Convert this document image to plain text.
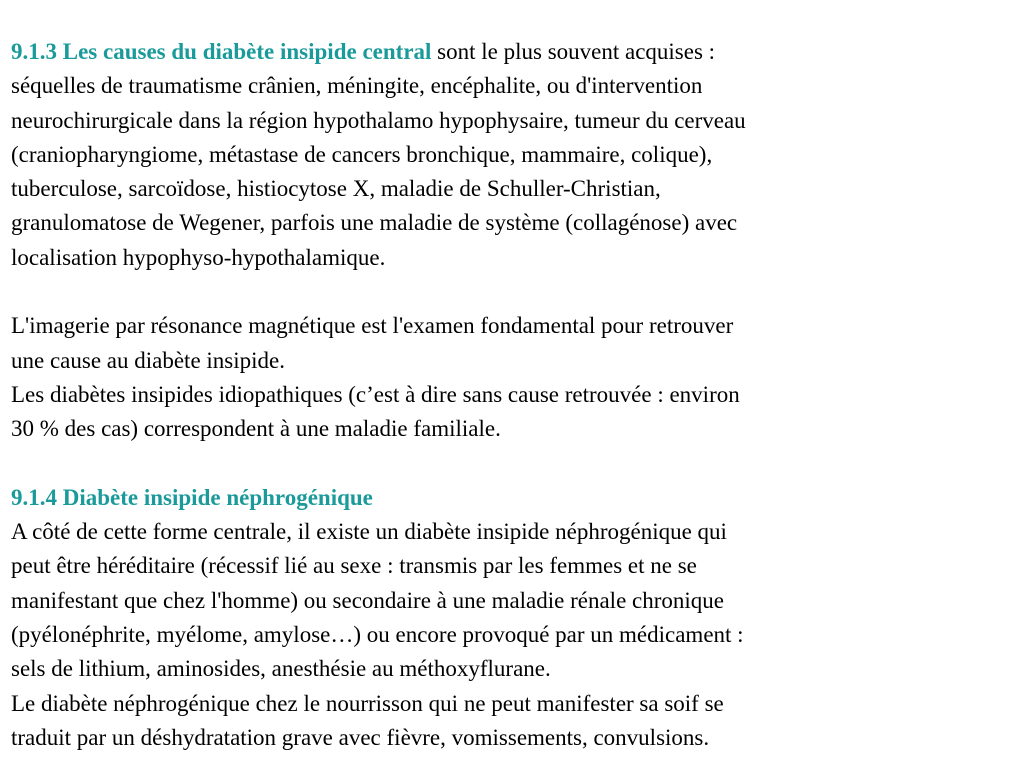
9.1.3 Les causes du diabète insipide central sont le plus souvent acquises :
séquelles de traumatisme crânien, méningite, encéphalite, ou d'intervention
neurochirurgicale dans la région hypothalamo hypophysaire, tumeur du cerveau
(craniopharyngiome, métastase de cancers bronchique, mammaire, colique),
tuberculose, sarcoïdose, histiocytose X, maladie de Schuller-Christian,
granulomatose de Wegener, parfois une maladie de système (collagénose) avec
localisation hypophyso-hypothalamique.
L'imagerie par résonance magnétique est l'examen fondamental pour retrouver
une cause au diabète insipide.
Les diabètes insipides idiopathiques (c’est à dire sans cause retrouvée : environ
30 % des cas) correspondent à une maladie familiale.
9.1.4 Diabète insipide néphrogénique
A côté de cette forme centrale, il existe un diabète insipide néphrogénique qui
peut être héréditaire (récessif lié au sexe : transmis par les femmes et ne se
manifestant que chez l'homme) ou secondaire à une maladie rénale chronique
(pyélonéphrite, myélome, amylose…) ou encore provoqué par un médicament :
sels de lithium, aminosides, anesthésie au méthoxyflurane.
Le diabète néphrogénique chez le nourrisson qui ne peut manifester sa soif se
traduit par un déshydratation grave avec fièvre, vomissements, convulsions.
